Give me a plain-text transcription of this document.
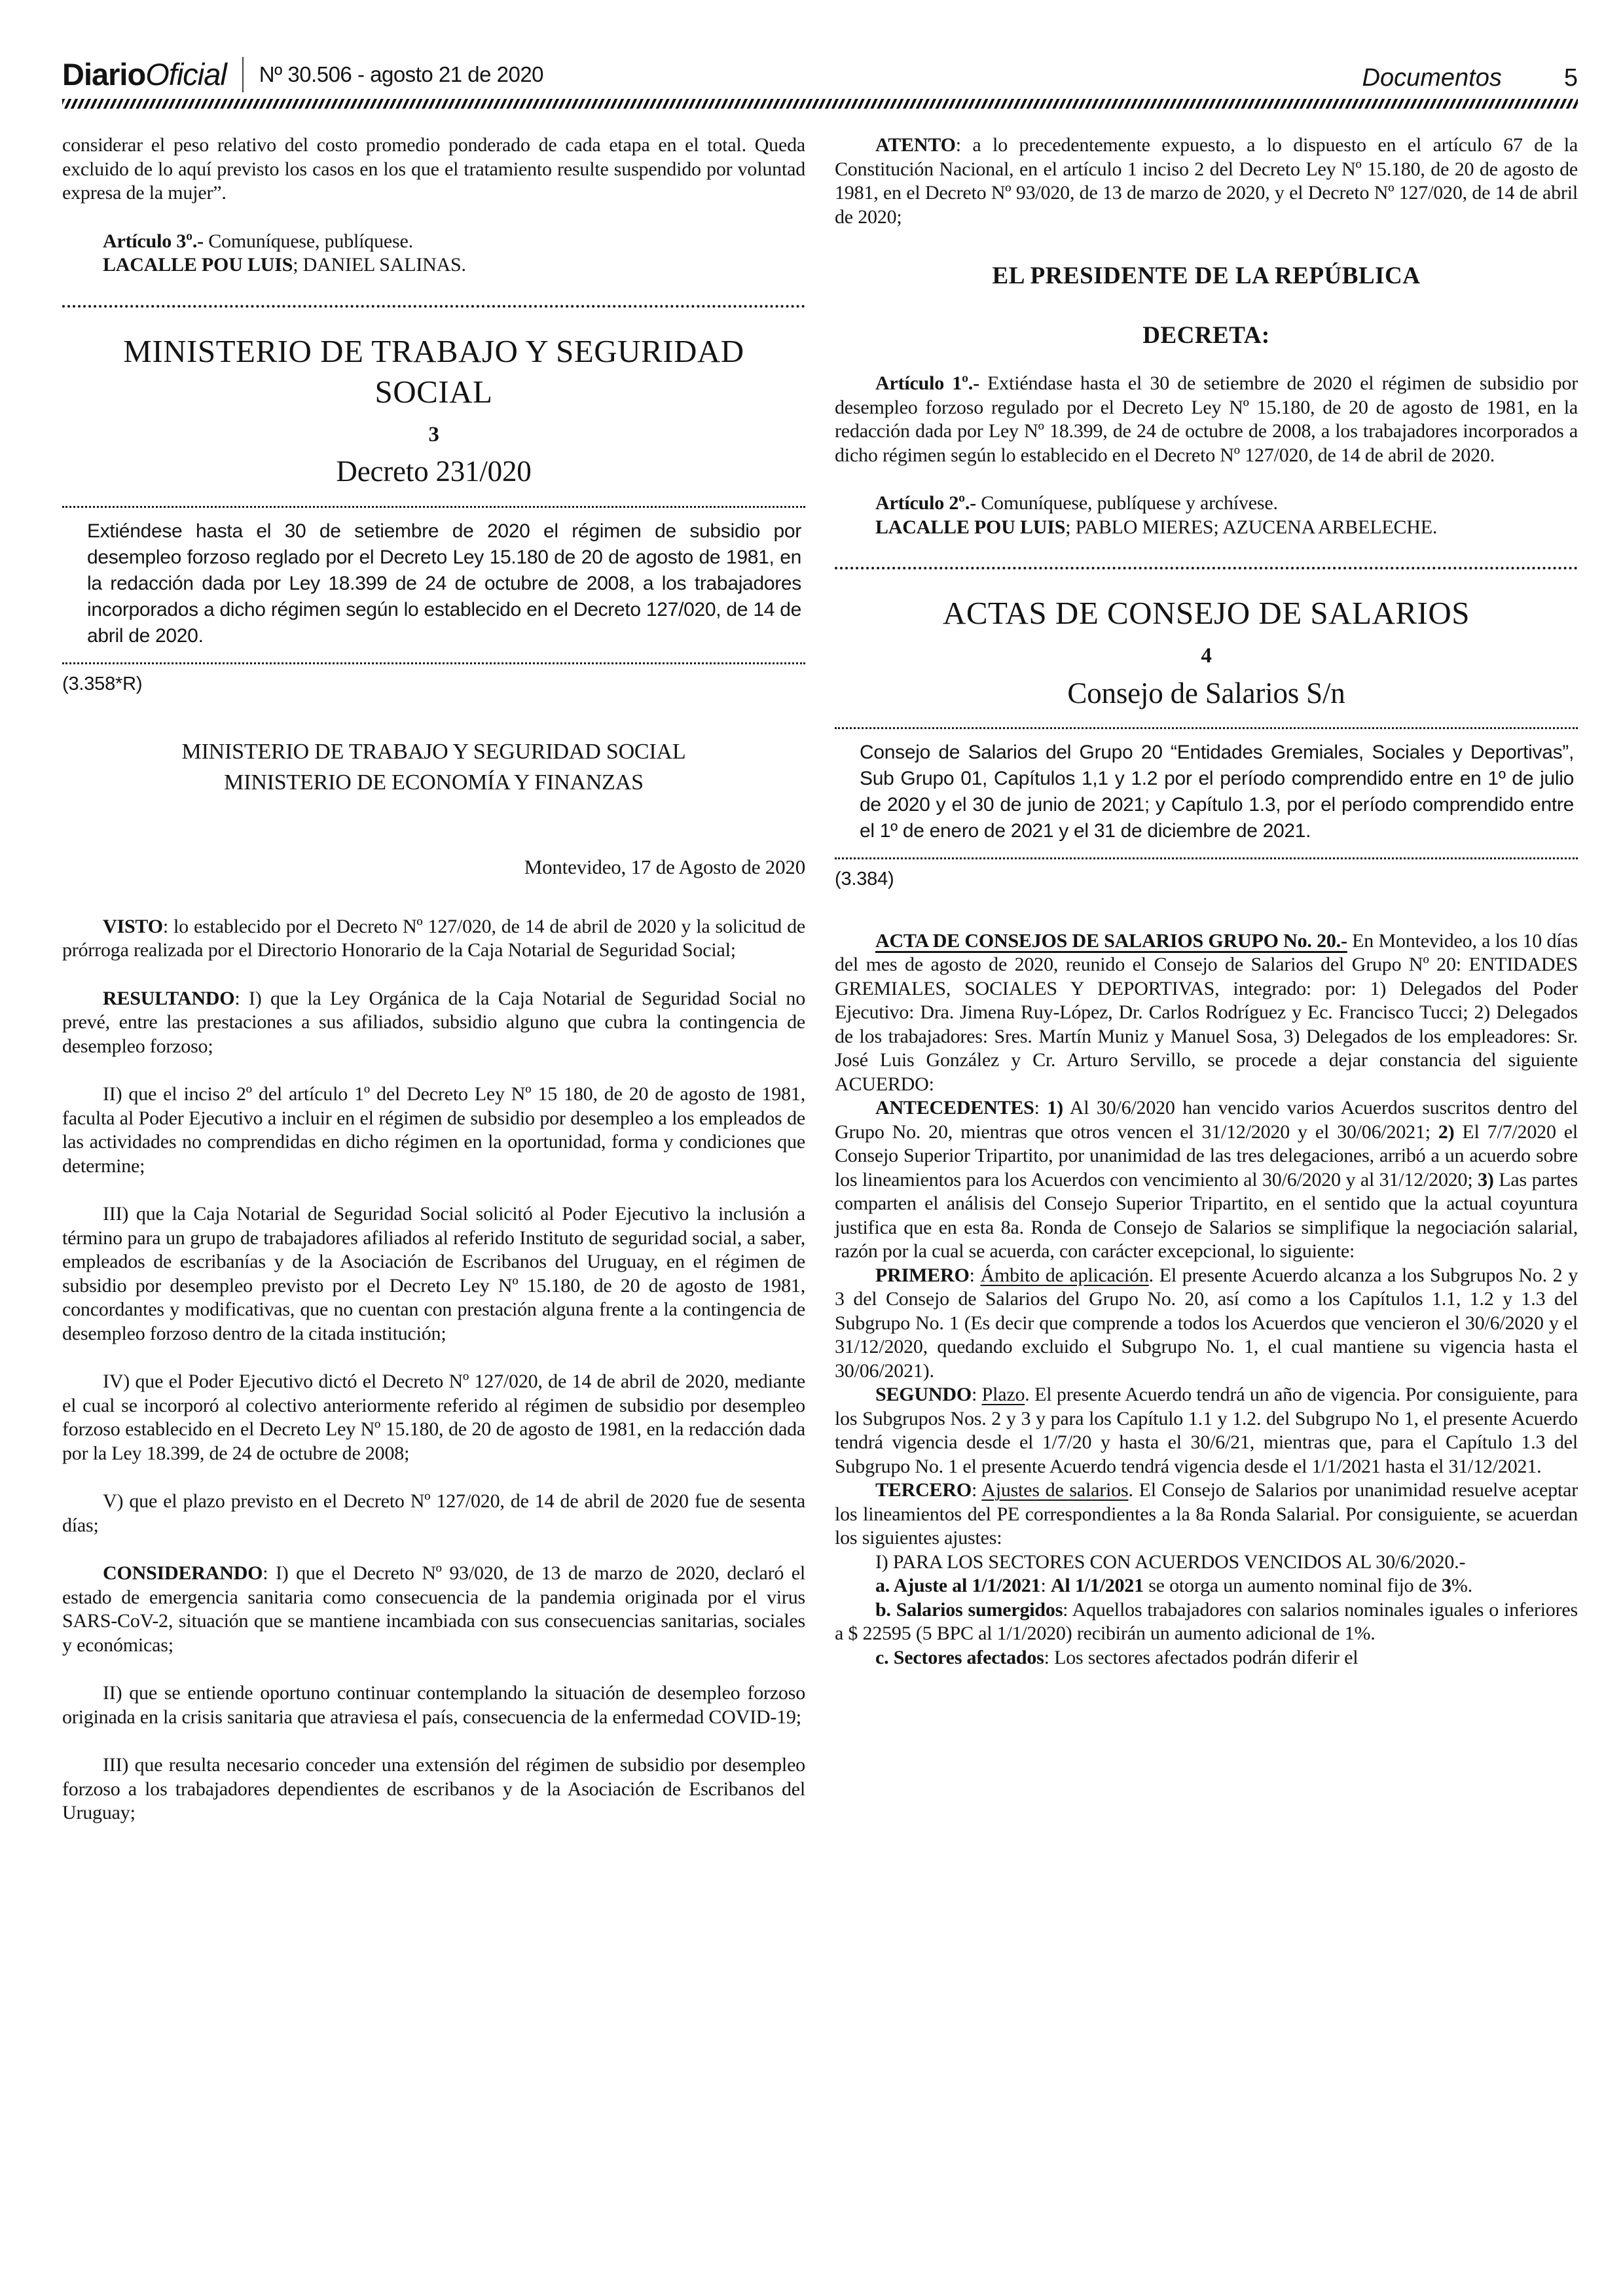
Diario Oficial Nº 30.506 - agosto 21 de 2020	Documentos	5

considerar el peso relativo del costo promedio ponderado de cada etapa en el total. Queda excluido de lo aquí previsto los casos en los que el tratamiento resulte suspendido por voluntad expresa de la mujer”.

Artículo 3º.- Comuníquese, publíquese.

LACALLE POU LUIS; DANIEL SALINAS.

MINISTERIO DE TRABAJO Y SEGURIDAD SOCIAL
3
Decreto 231/020
Extiéndese hasta el 30 de setiembre de 2020 el régimen de subsidio por desempleo forzoso reglado por el Decreto Ley 15.180 de 20 de agosto de 1981, en la redacción dada por Ley 18.399 de 24 de octubre de 2008, a los trabajadores incorporados a dicho régimen según lo establecido en el Decreto 127/020, de 14 de abril de 2020.
(3.358*R)
MINISTERIO DE TRABAJO Y SEGURIDAD SOCIAL
MINISTERIO DE ECONOMÍA Y FINANZAS
Montevideo, 17 de Agosto de 2020

VISTO: lo establecido por el Decreto Nº 127/020, de 14 de abril de 2020 y la solicitud de prórroga realizada por el Directorio Honorario de la Caja Notarial de Seguridad Social;

RESULTANDO: I) que la Ley Orgánica de la Caja Notarial de Seguridad Social no prevé, entre las prestaciones a sus afiliados, subsidio alguno que cubra la contingencia de desempleo forzoso;

II) que el inciso 2º del artículo 1º del Decreto Ley Nº 15 180, de 20 de agosto de 1981, faculta al Poder Ejecutivo a incluir en el régimen de subsidio por desempleo a los empleados de las actividades no comprendidas en dicho régimen en la oportunidad, forma y condiciones que determine;

III) que la Caja Notarial de Seguridad Social solicitó al Poder Ejecutivo la inclusión a término para un grupo de trabajadores afiliados al referido Instituto de seguridad social, a saber, empleados de escribanías y de la Asociación de Escribanos del Uruguay, en el régimen de subsidio por desempleo previsto por el Decreto Ley Nº 15.180, de 20 de agosto de 1981, concordantes y modificativas, que no cuentan con prestación alguna frente a la contingencia de desempleo forzoso dentro de la citada institución;

IV) que el Poder Ejecutivo dictó el Decreto Nº 127/020, de 14 de abril de 2020, mediante el cual se incorporó al colectivo anteriormente referido al régimen de subsidio por desempleo forzoso establecido en el Decreto Ley Nº 15.180, de 20 de agosto de 1981, en la redacción dada por la Ley 18.399, de 24 de octubre de 2008;

V) que el plazo previsto en el Decreto Nº 127/020, de 14 de abril de 2020 fue de sesenta días;

CONSIDERANDO: I) que el Decreto Nº 93/020, de 13 de marzo de 2020, declaró el estado de emergencia sanitaria como consecuencia de la pandemia originada por el virus SARS-CoV-2, situación que se mantiene incambiada con sus consecuencias sanitarias, sociales y económicas;

II) que se entiende oportuno continuar contemplando la situación de desempleo forzoso originada en la crisis sanitaria que atraviesa el país, consecuencia de la enfermedad COVID-19;

III) que resulta necesario conceder una extensión del régimen de subsidio por desempleo forzoso a los trabajadores dependientes de escribanos y de la Asociación de Escribanos del Uruguay;

ATENTO: a lo precedentemente expuesto, a lo dispuesto en el artículo 67 de la Constitución Nacional, en el artículo 1 inciso 2 del Decreto Ley Nº 15.180, de 20 de agosto de 1981, en el Decreto Nº 93/020, de 13 de marzo de 2020, y el Decreto Nº 127/020, de 14 de abril de 2020;

EL PRESIDENTE DE LA REPÚBLICA
DECRETA:

Artículo 1º.- Extiéndase hasta el 30 de setiembre de 2020 el régimen de subsidio por desempleo forzoso regulado por el Decreto Ley Nº 15.180, de 20 de agosto de 1981, en la redacción dada por Ley Nº 18.399, de 24 de octubre de 2008, a los trabajadores incorporados a dicho régimen según lo establecido en el Decreto Nº 127/020, de 14 de abril de 2020.

Artículo 2º.- Comuníquese, publíquese y archívese.

LACALLE POU LUIS; PABLO MIERES; AZUCENA ARBELECHE.

ACTAS DE CONSEJO DE SALARIOS
4
Consejo de Salarios S/n
Consejo de Salarios del Grupo 20 “Entidades Gremiales, Sociales y Deportivas”, Sub Grupo 01, Capítulos 1,1 y 1.2 por el período comprendido entre en 1º de julio de 2020 y el 30 de junio de 2021; y Capítulo 1.3, por el período comprendido entre el 1º de enero de 2021 y el 31 de diciembre de 2021.
(3.384)

ACTA DE CONSEJOS DE SALARIOS GRUPO No. 20.- En Montevideo, a los 10 días del mes de agosto de 2020, reunido el Consejo de Salarios del Grupo Nº 20: ENTIDADES GREMIALES, SOCIALES Y DEPORTIVAS, integrado: por: 1) Delegados del Poder Ejecutivo: Dra. Jimena Ruy-López, Dr. Carlos Rodríguez y Ec. Francisco Tucci; 2) Delegados de los trabajadores: Sres. Martín Muniz y Manuel Sosa, 3) Delegados de los empleadores: Sr. José Luis González y Cr. Arturo Servillo, se procede a dejar constancia del siguiente ACUERDO:

ANTECEDENTES: 1) Al 30/6/2020 han vencido varios Acuerdos suscritos dentro del Grupo No. 20, mientras que otros vencen el 31/12/2020 y el 30/06/2021; 2) El 7/7/2020 el Consejo Superior Tripartito, por unanimidad de las tres delegaciones, arribó a un acuerdo sobre los lineamientos para los Acuerdos con vencimiento al 30/6/2020 y al 31/12/2020; 3) Las partes comparten el análisis del Consejo Superior Tripartito, en el sentido que la actual coyuntura justifica que en esta 8a. Ronda de Consejo de Salarios se simplifique la negociación salarial, razón por la cual se acuerda, con carácter excepcional, lo siguiente:

PRIMERO: Ámbito de aplicación. El presente Acuerdo alcanza a los Subgrupos No. 2 y 3 del Consejo de Salarios del Grupo No. 20, así como a los Capítulos 1.1, 1.2 y 1.3 del Subgrupo No. 1 (Es decir que comprende a todos los Acuerdos que vencieron el 30/6/2020 y el 31/12/2020, quedando excluido el Subgrupo No. 1, el cual mantiene su vigencia hasta el 30/06/2021).

SEGUNDO: Plazo. El presente Acuerdo tendrá un año de vigencia. Por consiguiente, para los Subgrupos Nos. 2 y 3 y para los Capítulo 1.1 y 1.2. del Subgrupo No 1, el presente Acuerdo tendrá vigencia desde el 1/7/20 y hasta el 30/6/21, mientras que, para el Capítulo 1.3 del Subgrupo No. 1 el presente Acuerdo tendrá vigencia desde el 1/1/2021 hasta el 31/12/2021.

TERCERO: Ajustes de salarios. El Consejo de Salarios por unanimidad resuelve aceptar los lineamientos del PE correspondientes a la 8a Ronda Salarial. Por consiguiente, se acuerdan los siguientes ajustes:

I) PARA LOS SECTORES CON ACUERDOS VENCIDOS AL 30/6/2020.-

a. Ajuste al 1/1/2021: Al 1/1/2021 se otorga un aumento nominal fijo de 3%.

b. Salarios sumergidos: Aquellos trabajadores con salarios nominales iguales o inferiores a $ 22595 (5 BPC al 1/1/2020) recibirán un aumento adicional de 1%.

c. Sectores afectados: Los sectores afectados podrán diferir el
